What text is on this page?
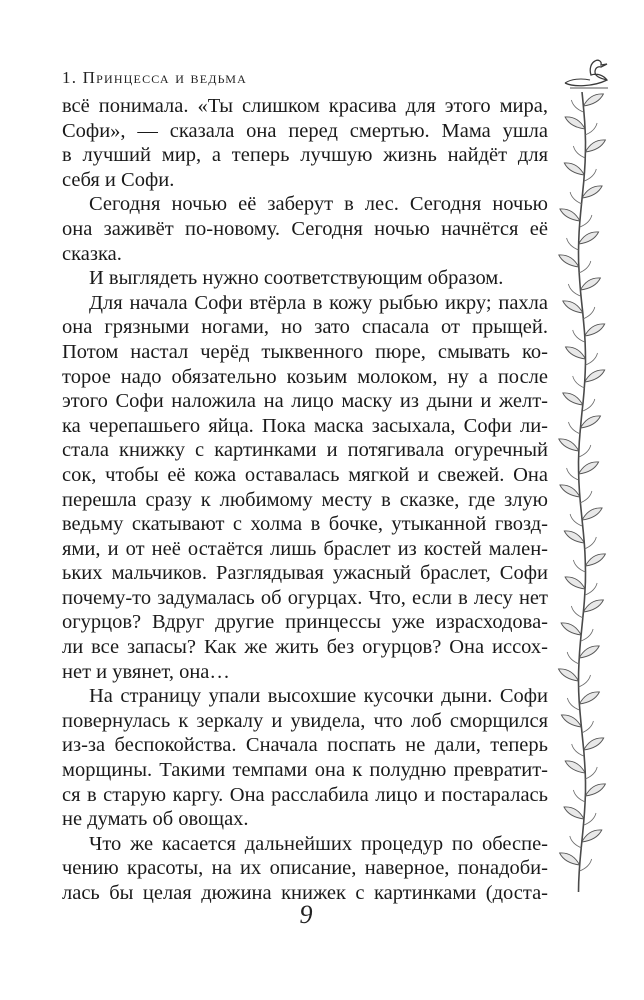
1. Принцесса и ведьма

всё понимала. «Ты слишком красива для этого мира,
Софи», — сказала она перед смертью. Мама ушла
в лучший мир, а теперь лучшую жизнь найдёт для
себя и Софи.

Сегодня ночью её заберут в лес. Сегодня ночью
она заживёт по-новому. Сегодня ночью начнётся её
сказка.

И выглядеть нужно соответствующим образом.

Для начала Софи втёрла в кожу рыбью икру; пахла
она грязными ногами, но зато спасала от прыщей.
Потом настал черёд тыквенного пюре, смывать ко-
торое надо обязательно козьим молоком, ну а после
этого Софи наложила на лицо маску из дыни и желт-
ка черепашьего яйца. Пока маска засыхала, Софи ли-
стала книжку с картинками и потягивала огуречный
сок, чтобы её кожа оставалась мягкой и свежей. Она
перешла сразу к любимому месту в сказке, где злую
ведьму скатывают с холма в бочке, утыканной гвозд-
ями, и от неё остаётся лишь браслет из костей мален-
ьких мальчиков. Разглядывая ужасный браслет, Софи
почему-то задумалась об огурцах. Что, если в лесу нет
огурцов? Вдруг другие принцессы уже израсходова-
ли все запасы? Как же жить без огурцов? Она иссох-
нет и увянет, она…

На страницу упали высохшие кусочки дыни. Софи
повернулась к зеркалу и увидела, что лоб сморщился
из-за беспокойства. Сначала поспать не дали, теперь
морщины. Такими темпами она к полудню превратит-
ся в старую каргу. Она расслабила лицо и постаралась
не думать об овощах.

Что же касается дальнейших процедур по обеспе-
чению красоты, на их описание, наверное, понадоби-
лась бы целая дюжина книжек с картинками (доста-

9
